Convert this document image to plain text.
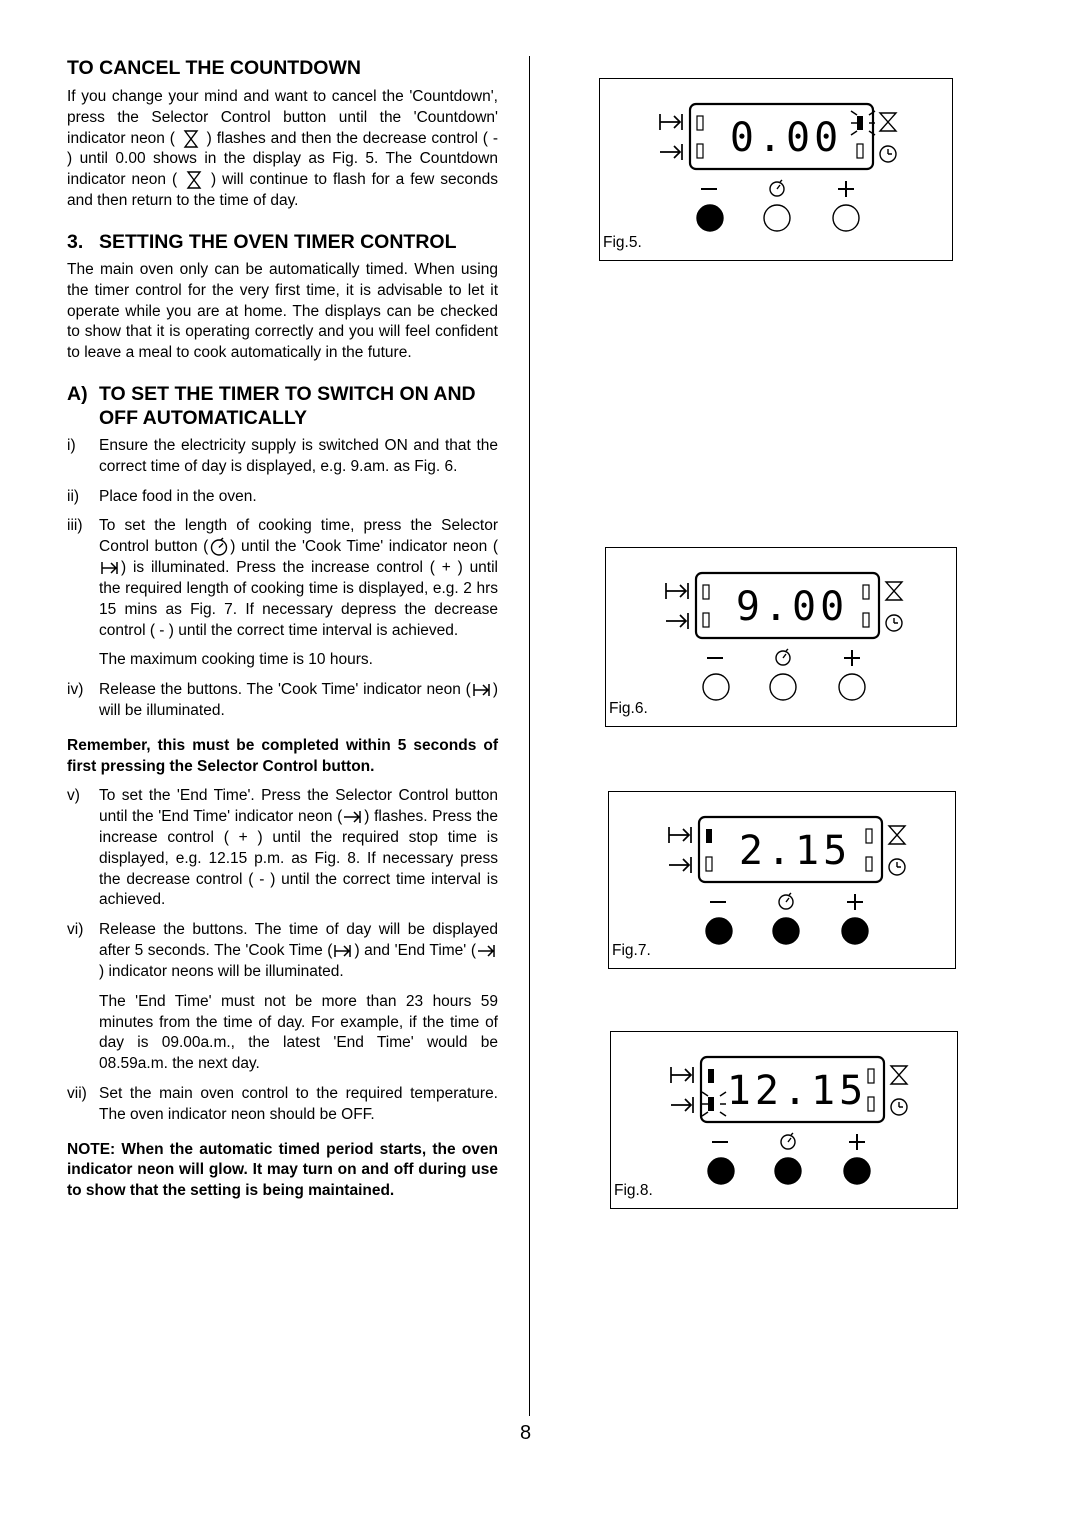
TO CANCEL THE COUNTDOWN

If you change your mind and want to cancel the 'Countdown', press the Selector Control button until the 'Countdown' indicator neon ( ) flashes and then the decrease control ( - ) until 0.00 shows in the display as Fig. 5. The Countdown indicator neon ( ) will continue to flash for a few seconds and then return to the time of day.

3. SETTING THE OVEN TIMER CONTROL

The main oven only can be automatically timed. When using the timer control for the very first time, it is advisable to let it operate while you are at home. The displays can be checked to show that it is operating correctly and you will feel confident to leave a meal to cook automatically in the future.

A) TO SET THE TIMER TO SWITCH ON AND OFF AUTOMATICALLY
i)	Ensure the electricity supply is switched ON and that the correct time of day is displayed, e.g. 9.am. as Fig. 6.
ii)	Place food in the oven.
iii)	To set the length of cooking time, press the Selector Control button ( ) until the 'Cook Time' indicator neon (
) is illuminated. Press the increase control ( + ) until the required length of cooking time is displayed, e.g. 2 hrs 15 mins as Fig. 7. If necessary depress the decrease control ( - ) until the correct time interval is achieved.
The maximum cooking time is 10 hours.
iv)	Release the buttons. The 'Cook Time' indicator neon ( ) will be illuminated.

Remember, this must be completed within 5 seconds of first pressing the Selector Control button.

v)	To set the 'End Time'. Press the Selector Control button until the 'End Time' indicator neon ( ) flashes. Press the increase control ( + ) until the required stop time is displayed, e.g. 12.15 p.m. as Fig. 8. If necessary press the decrease control ( - ) until the correct time interval is achieved.
vi)	Release the buttons. The time of day will be displayed after 5 seconds. The 'Cook Time ( ) and 'End Time' (
) indicator neons will be illuminated.
The 'End Time' must not be more than 23 hours 59 minutes from the time of day. For example, if the time of day is 09.00a.m., the latest 'End Time' would be 08.59a.m. the next day.
vii) Set the main oven control to the required temperature. The oven indicator neon should be OFF.

NOTE: When the automatic timed period starts, the oven indicator neon will glow. It may turn on and off during use to show that the setting is being maintained.

0.00
Fig.5.
9.00
Fig.6.
2.15
Fig.7.
12.15
Fig.8.
8
